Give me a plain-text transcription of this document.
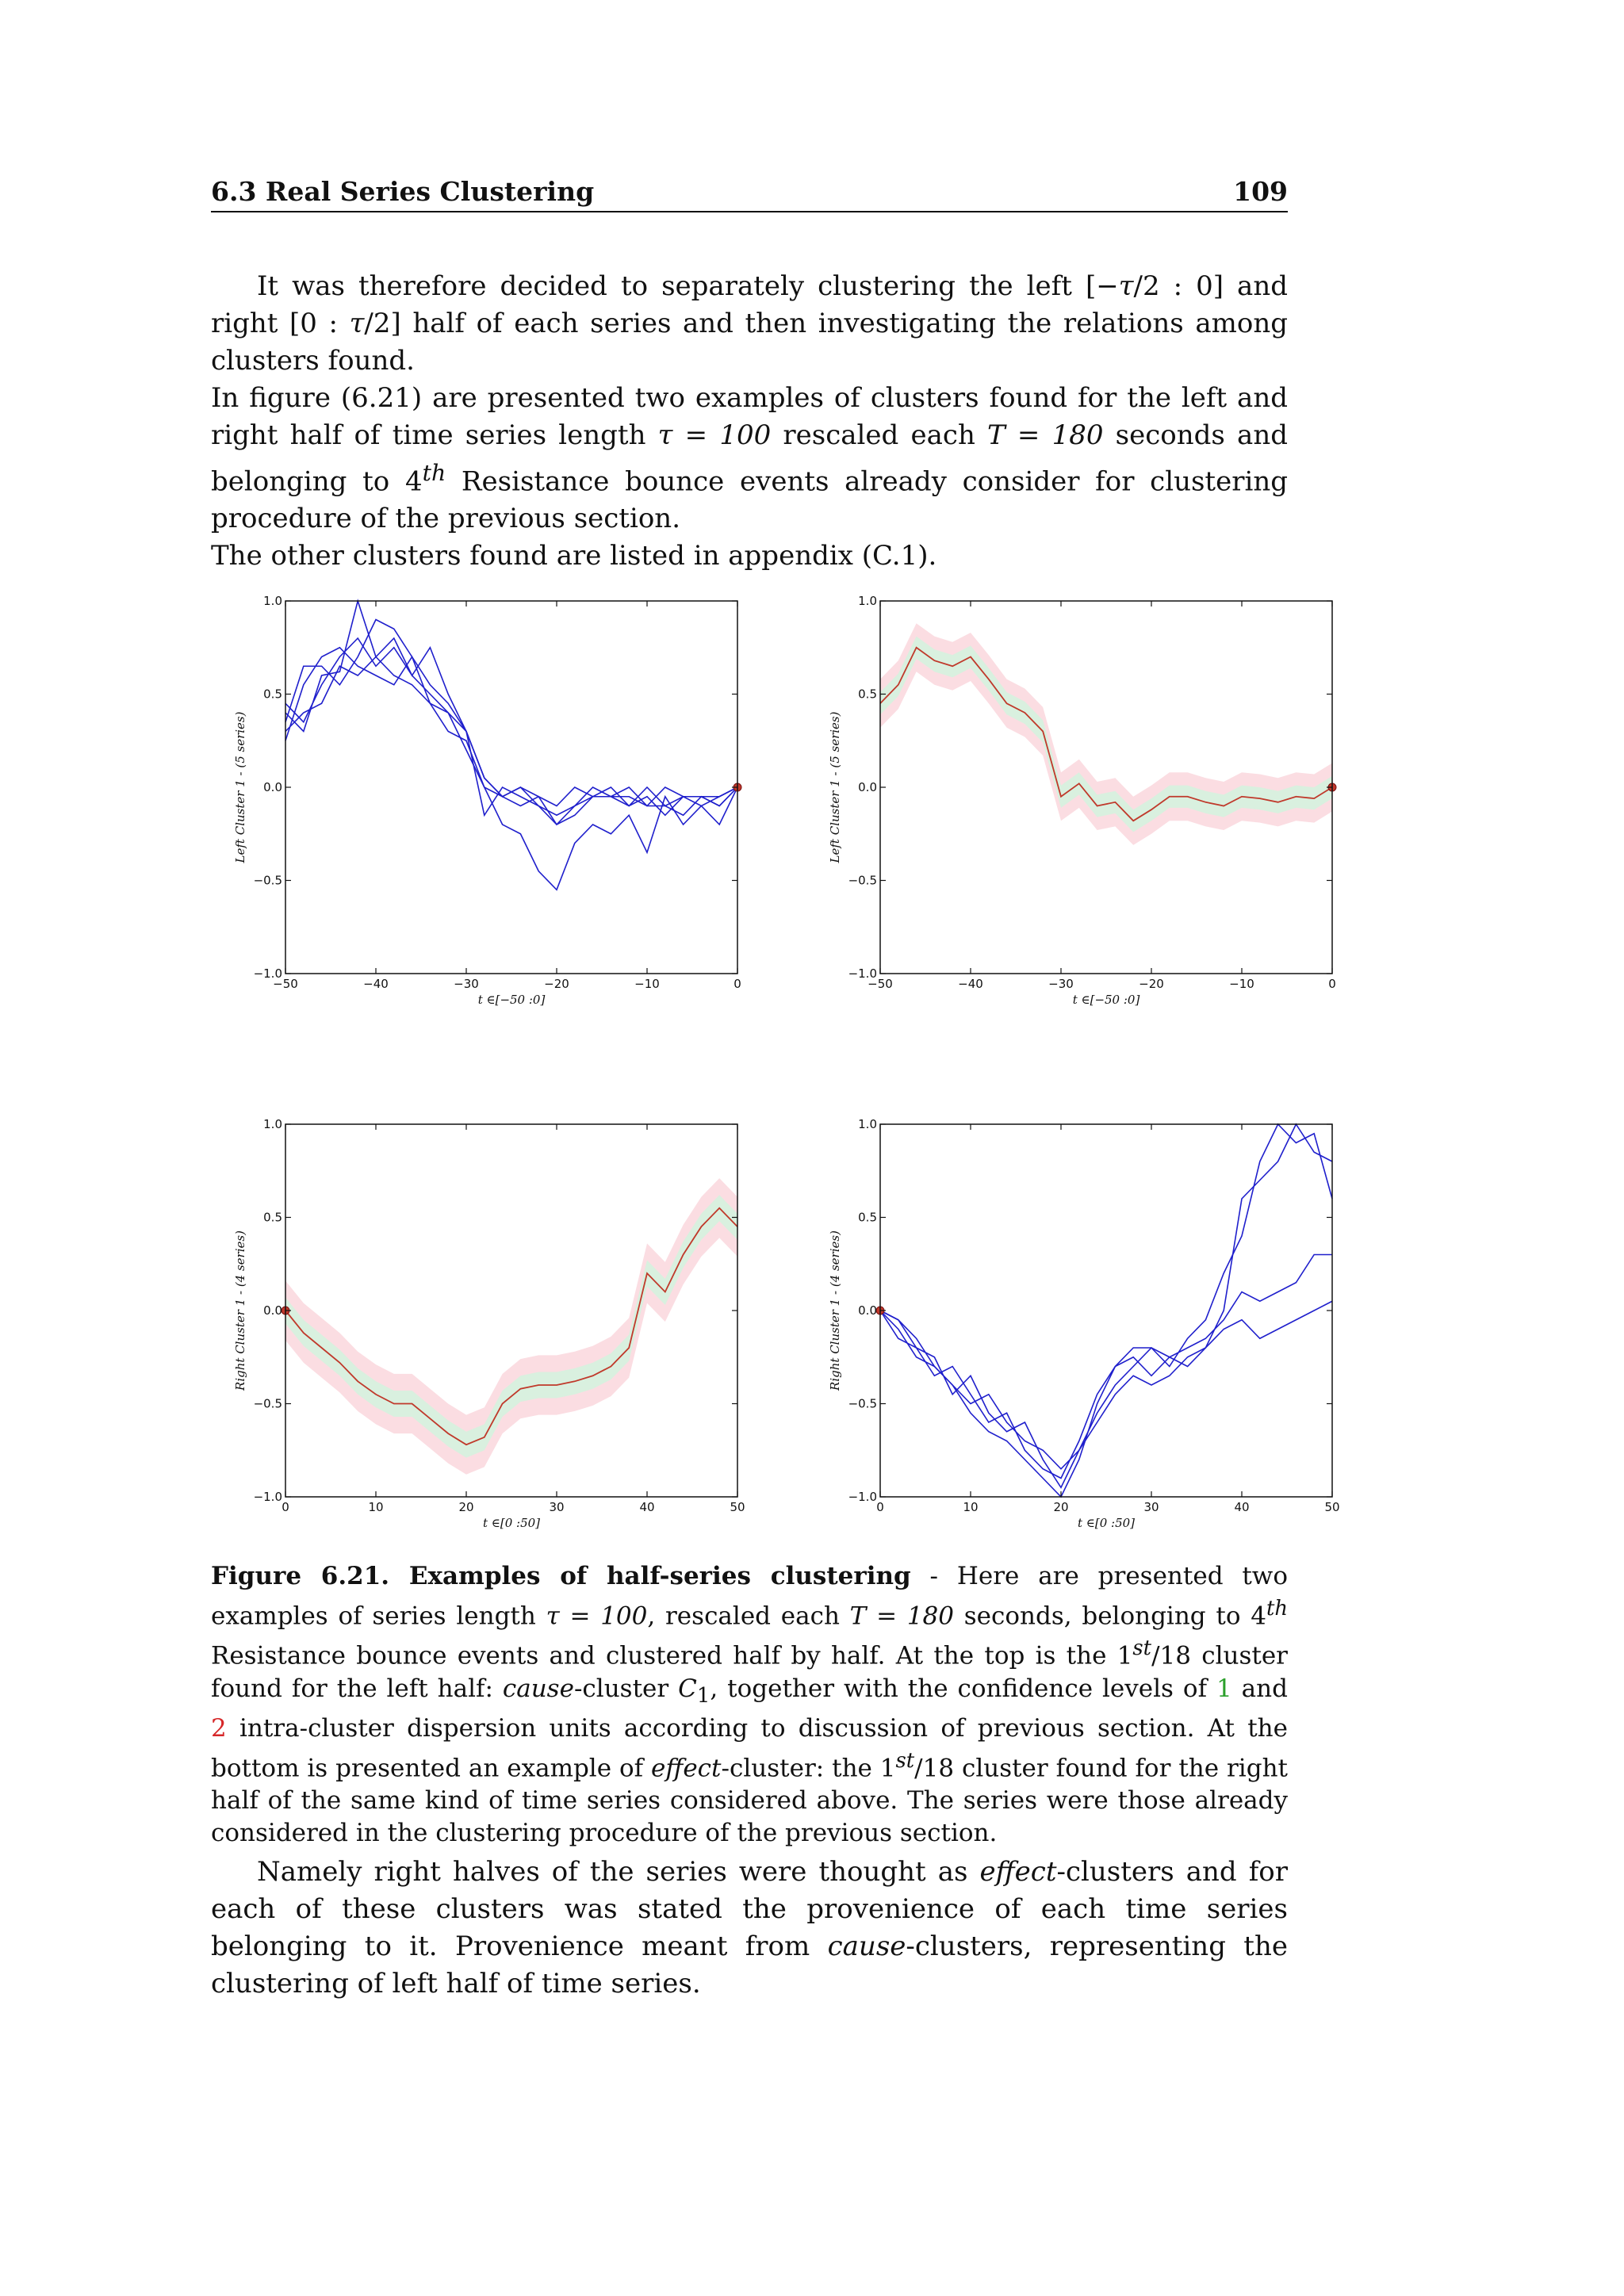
6.3 Real Series Clustering	109

It was therefore decided to separately clustering the left [−τ/2 : 0] and right [0 : τ/2] half of each series and then investigating the relations among clusters found.

In figure (6.21) are presented two examples of clusters found for the left and right half of time series length τ = 100 rescaled each T = 180 seconds and belonging to 4th Resistance bounce events already consider for clustering procedure of the previous section.

The other clusters found are listed in appendix (C.1).

1.0
0.5
0.0
−0.5
−1.0
−50	−40	−30	−20	−10	0
t ∈[−50 :0]
Left Cluster 1 - (5 series)
1.0
0.5
0.0
−0.5
−1.0
−50	−40	−30	−20	−10	0
t ∈[−50 :0]
Left Cluster 1 - (5 series)
1.0
0.5
0.0
−0.5
−1.0
0	10	20	30	40	50
t ∈[0 :50]
Right Cluster 1 - (4 series)
1.0
0.5
0.0
−0.5
−1.0
0	10	20	30	40	50
t ∈[0 :50]
Right Cluster 1 - (4 series)
Figure 6.21. Examples of half-series clustering - Here are presented two examples of series length τ = 100, rescaled each T = 180 seconds, belonging to 4th Resistance bounce events and clustered half by half. At the top is the 1st/18 cluster found for the left half: cause-cluster $C_1$, together with the confidence levels of 1 and 2 intra-cluster dispersion units according to discussion of previous section. At the bottom is presented an example of effect-cluster: the 1st/18 cluster found for the right half of the same kind of time series considered above. The series were those already considered in the clustering procedure of the previous section.

Namely right halves of the series were thought as effect-clusters and for each of these clusters was stated the provenience of each time series belonging to it. Provenience meant from cause-clusters, representing the clustering of left half of time series.
